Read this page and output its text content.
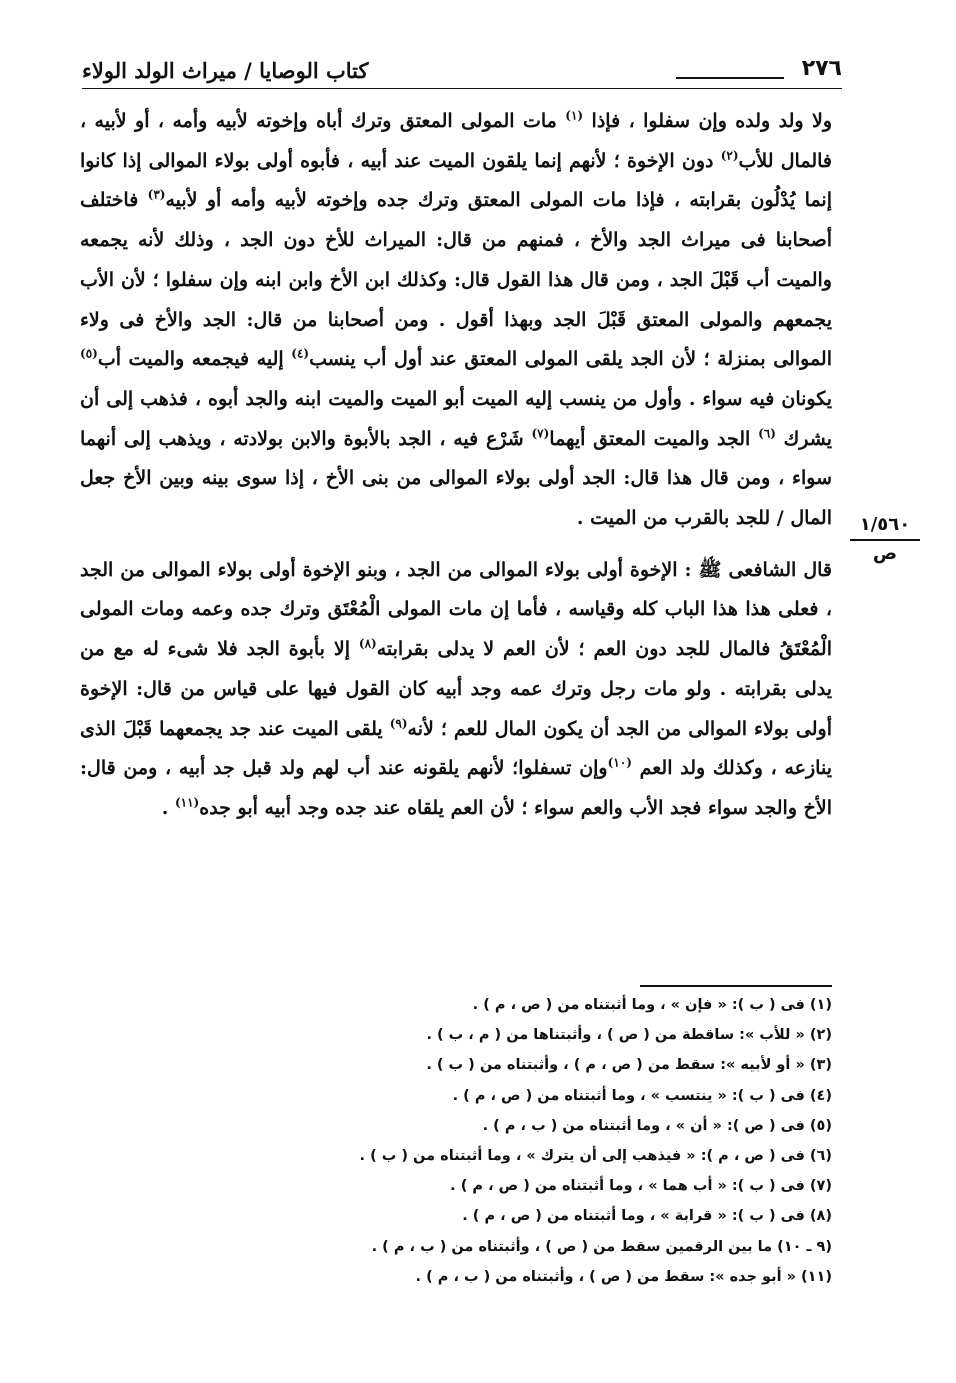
٢٧٦
كتاب الوصايا / ميراث الولد الولاء

ولا ولد ولده وإن سفلوا ، فإذا $^{(١)}$ مات المولى المعتق وترك أباه وإخوته لأبيه وأمه ، أو لأبيه ، فالمال للأب$^{(٢)}$ دون الإخوة ؛ لأنهم إنما يلقون الميت عند أبيه ، فأبوه أولى بولاء الموالى إذا كانوا إنما يُدْلُون بقرابته ، فإذا مات المولى المعتق وترك جده وإخوته لأبيه وأمه أو لأبيه$^{(٣)}$ فاختلف أصحابنا فى ميراث الجد والأخ ، فمنهم من قال: الميراث للأخ دون الجد ، وذلك لأنه يجمعه والميت أب قَبْلَ الجد ، ومن قال هذا القول قال: وكذلك ابن الأخ وابن ابنه وإن سفلوا ؛ لأن الأب يجمعهم والمولى المعتق قَبْلَ الجد وبهذا أقول . ومن أصحابنا من قال: الجد والأخ فى ولاء الموالى بمنزلة ؛ لأن الجد يلقى المولى المعتق عند أول أب ينسب$^{(٤)}$ إليه فيجمعه والميت أب$^{(٥)}$ يكونان فيه سواء . وأول من ينسب إليه الميت أبو الميت والميت ابنه والجد أبوه ، فذهب إلى أن يشرك $^{(٦)}$ الجد والميت المعتق أيهما$^{(٧)}$ شَرْع فيه ، الجد بالأبوة والابن بولادته ، ويذهب إلى أنهما سواء ، ومن قال هذا قال: الجد أولى بولاء الموالى من بنى الأخ ، إذا سوى بينه وبين الأخ جعل المال / للجد بالقرب من الميت .

قال الشافعى ﷺ : الإخوة أولى بولاء الموالى من الجد ، وبنو الإخوة أولى بولاء الموالى من الجد ، فعلى هذا هذا الباب كله وقياسه ، فأما إن مات المولى الْمُعْتَق وترك جده وعمه ومات المولى الْمُعْتَقُ فالمال للجد دون العم ؛ لأن العم لا يدلى بقرابته$^{(٨)}$ إلا بأبوة الجد فلا شىء له مع من يدلى بقرابته . ولو مات رجل وترك عمه وجد أبيه كان القول فيها على قياس من قال: الإخوة أولى بولاء الموالى من الجد أن يكون المال للعم ؛ لأنه$^{(٩)}$ يلقى الميت عند جد يجمعهما قَبْلَ الذى ينازعه ، وكذلك ولد العم $^{(١٠)}$وإن تسفلوا؛ لأنهم يلقونه عند أب لهم ولد قبل جد أبيه ، ومن قال: الأخ والجد سواء فجد الأب والعم سواء ؛ لأن العم يلقاه عند جده وجد أبيه أبو جده$^{(١١)}$ .

١/٥٦٠
ص
(١) فى ( ب ): « فإن » ، وما أثبتناه من ( ص ، م ) .
(٢) « للأب »: ساقطة من ( ص ) ، وأثبتناها من ( م ، ب ) .
(٣) « أو لأبيه »: سقط من ( ص ، م ) ، وأثبتناه من ( ب ) .
(٤) فى ( ب ): « ينتسب » ، وما أثبتناه من ( ص ، م ) .
(٥) فى ( ص ): « أن » ، وما أثبتناه من ( ب ، م ) .
(٦) فى ( ص ، م ): « فيذهب إلى أن يترك » ، وما أثبتناه من ( ب ) .
(٧) فى ( ب ): « أب هما » ، وما أثبتناه من ( ص ، م ) .
(٨) فى ( ب ): « قرابة » ، وما أثبتناه من ( ص ، م ) .
(٩ ـ ١٠) ما بين الرقمين سقط من ( ص ) ، وأثبتناه من ( ب ، م ) .
(١١) « أبو جده »: سقط من ( ص ) ، وأثبتناه من ( ب ، م ) .
